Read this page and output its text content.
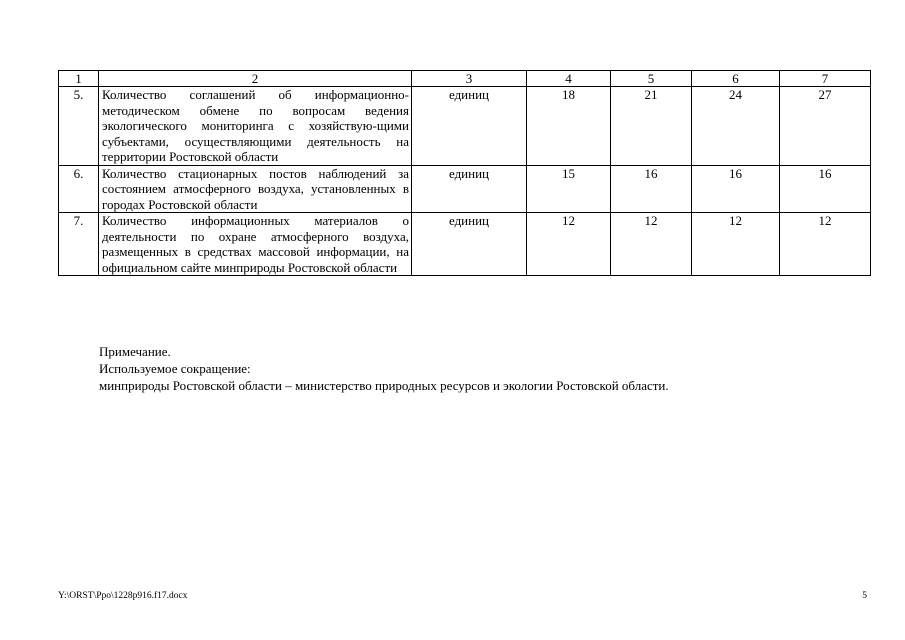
1	2	3	4	5	6	7
5.	Количество соглашений об информационно-методическом обмене по вопросам ведения экологического мониторинга с хозяйствую-щими субъектами, осуществляющими деятельность на территории Ростовской области	единиц	18	21	24	27
6.	Количество стационарных постов наблюдений за состоянием атмосферного воздуха, установленных в городах Ростовской области	единиц	15	16	16	16
7.	Количество информационных материалов о деятельности по охране атмосферного воздуха, размещенных в средствах массовой информации, на официальном сайте минприроды Ростовской области	единиц	12	12	12	12
Примечание.
Используемое сокращение:
минприроды Ростовской области – министерство природных ресурсов и экологии Ростовской области.
Y:\ORST\Ppo\1228p916.f17.docx	5
